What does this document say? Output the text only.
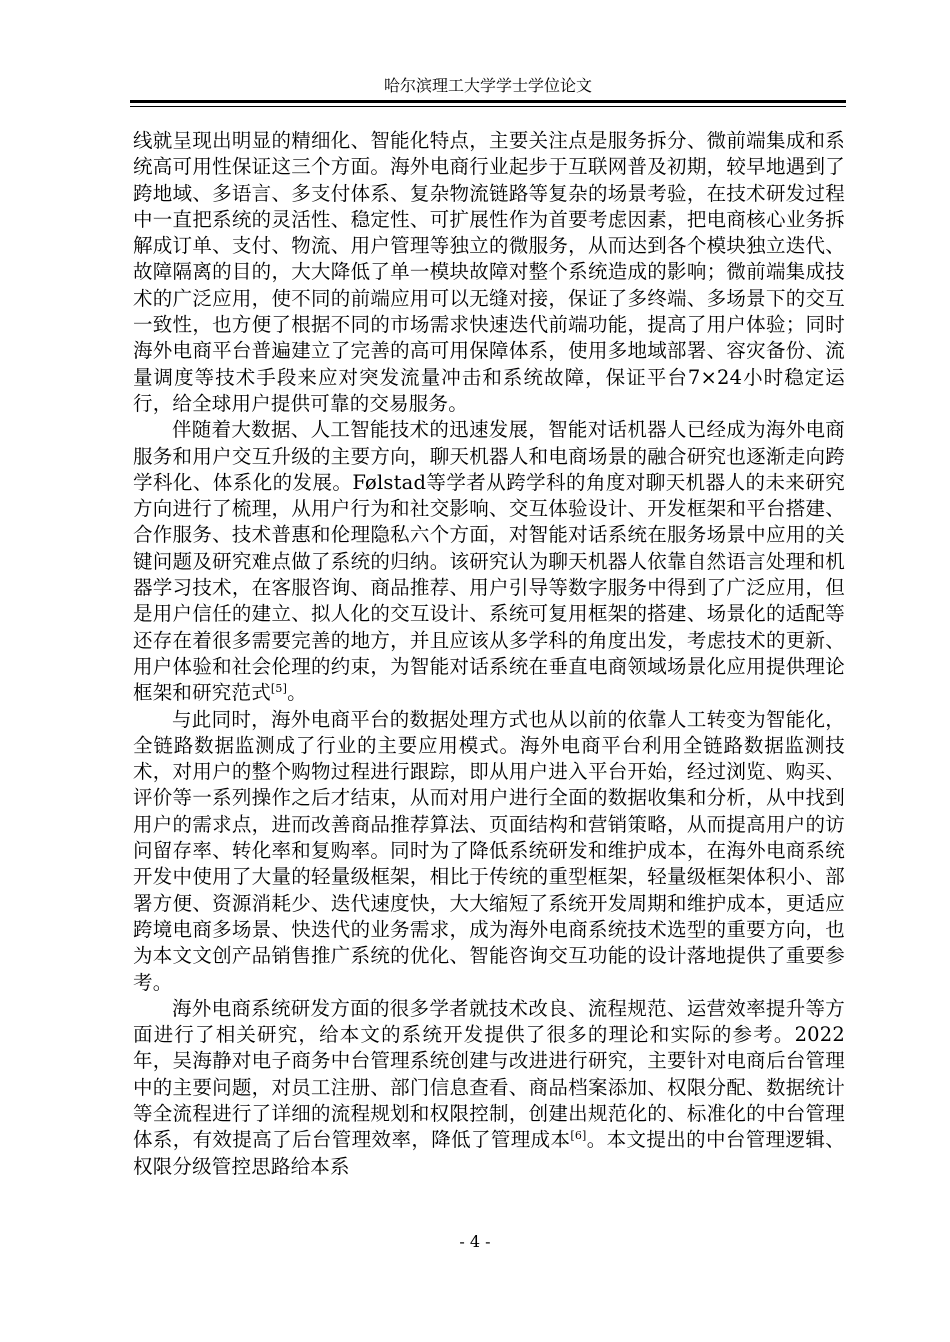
哈尔滨理工大学学士学位论文

线就呈现出明显的精细化、智能化特点，主要关注点是服务拆分、微前端集成和系统高可用性保证这三个方面。海外电商行业起步于互联网普及初期，较早地遇到了跨地域、多语言、多支付体系、复杂物流链路等复杂的场景考验，在技术研发过程中一直把系统的灵活性、稳定性、可扩展性作为首要考虑因素，把电商核心业务拆解成订单、支付、物流、用户管理等独立的微服务，从而达到各个模块独立迭代、故障隔离的目的，大大降低了单一模块故障对整个系统造成的影响；微前端集成技术的广泛应用，使不同的前端应用可以无缝对接，保证了多终端、多场景下的交互一致性，也方便了根据不同的市场需求快速迭代前端功能，提高了用户体验；同时海外电商平台普遍建立了完善的高可用保障体系，使用多地域部署、容灾备份、流量调度等技术手段来应对突发流量冲击和系统故障，保证平台7×24小时稳定运行，给全球用户提供可靠的交易服务。

伴随着大数据、人工智能技术的迅速发展，智能对话机器人已经成为海外电商服务和用户交互升级的主要方向，聊天机器人和电商场景的融合研究也逐渐走向跨学科化、体系化的发展。Følstad等学者从跨学科的角度对聊天机器人的未来研究方向进行了梳理，从用户行为和社交影响、交互体验设计、开发框架和平台搭建、合作服务、技术普惠和伦理隐私六个方面，对智能对话系统在服务场景中应用的关键问题及研究难点做了系统的归纳。该研究认为聊天机器人依靠自然语言处理和机器学习技术，在客服咨询、商品推荐、用户引导等数字服务中得到了广泛应用，但是用户信任的建立、拟人化的交互设计、系统可复用框架的搭建、场景化的适配等还存在着很多需要完善的地方，并且应该从多学科的角度出发，考虑技术的更新、用户体验和社会伦理的约束，为智能对话系统在垂直电商领域场景化应用提供理论框架和研究范式[5]。

与此同时，海外电商平台的数据处理方式也从以前的依靠人工转变为智能化，全链路数据监测成了行业的主要应用模式。海外电商平台利用全链路数据监测技术，对用户的整个购物过程进行跟踪，即从用户进入平台开始，经过浏览、购买、评价等一系列操作之后才结束，从而对用户进行全面的数据收集和分析，从中找到用户的需求点，进而改善商品推荐算法、页面结构和营销策略，从而提高用户的访问留存率、转化率和复购率。同时为了降低系统研发和维护成本，在海外电商系统开发中使用了大量的轻量级框架，相比于传统的重型框架，轻量级框架体积小、部署方便、资源消耗少、迭代速度快，大大缩短了系统开发周期和维护成本，更适应跨境电商多场景、快迭代的业务需求，成为海外电商系统技术选型的重要方向，也为本文文创产品销售推广系统的优化、智能咨询交互功能的设计落地提供了重要参考。

海外电商系统研发方面的很多学者就技术改良、流程规范、运营效率提升等方面进行了相关研究，给本文的系统开发提供了很多的理论和实际的参考。2022年，吴海静对电子商务中台管理系统创建与改进进行研究，主要针对电商后台管理中的主要问题，对员工注册、部门信息查看、商品档案添加、权限分配、数据统计等全流程进行了详细的流程规划和权限控制，创建出规范化的、标准化的中台管理体系，有效提高了后台管理效率，降低了管理成本[6]。本文提出的中台管理逻辑、权限分级管控思路给本系

- 4 -
